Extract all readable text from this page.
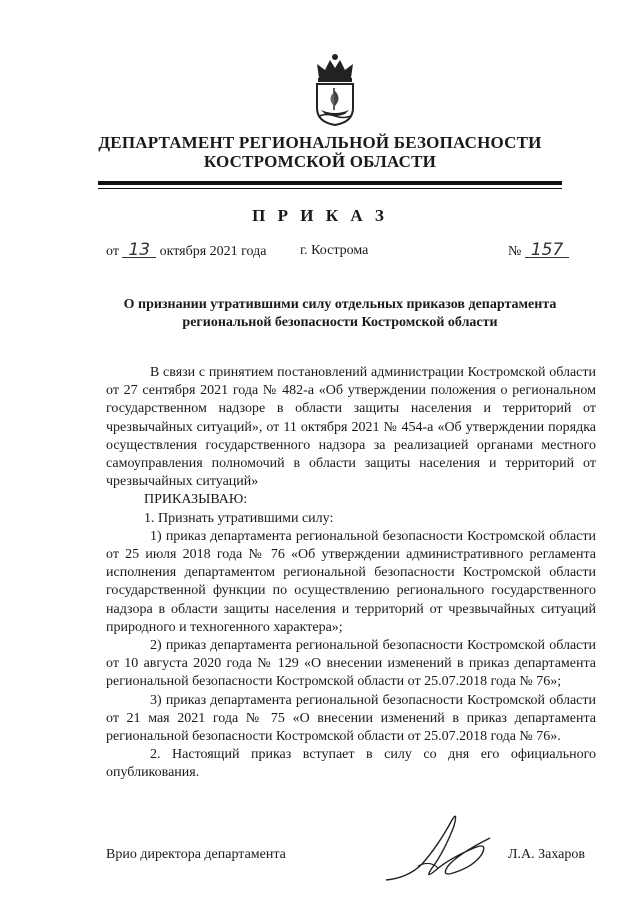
ДЕПАРТАМЕНТ РЕГИОНАЛЬНОЙ БЕЗОПАСНОСТИ
КОСТРОМСКОЙ ОБЛАСТИ
П Р И К А З
от 13 октября 2021 года г. Кострома	№ 157
О признании утратившими силу отдельных приказов департамента региональной безопасности Костромской области

В связи с принятием постановлений администрации Костромской области от 27 сентября 2021 года № 482-а «Об утверждении положения о региональном государственном надзоре в области защиты населения и территорий от чрезвычайных ситуаций», от 11 октября 2021 № 454-а «Об утверждении порядка осуществления государственного надзора за реализацией органами местного самоуправления полномочий в области защиты населения и территорий от чрезвычайных ситуаций»

ПРИКАЗЫВАЮ:

1. Признать утратившими силу:

1) приказ департамента региональной безопасности Костромской области от 25 июля 2018 года № 76 «Об утверждении административного регламента исполнения департаментом региональной безопасности Костромской области государственной функции по осуществлению регионального государственного надзора в области защиты населения и территорий от чрезвычайных ситуаций природного и техногенного характера»;

2) приказ департамента региональной безопасности Костромской области от 10 августа 2020 года № 129 «О внесении изменений в приказ департамента региональной безопасности Костромской области от 25.07.2018 года № 76»;

3) приказ департамента региональной безопасности Костромской области от 21 мая 2021 года № 75 «О внесении изменений в приказ департамента региональной безопасности Костромской области от 25.07.2018 года № 76».

2. Настоящий приказ вступает в силу со дня его официального опубликования.

Врио директора департамента	Л.А. Захаров
